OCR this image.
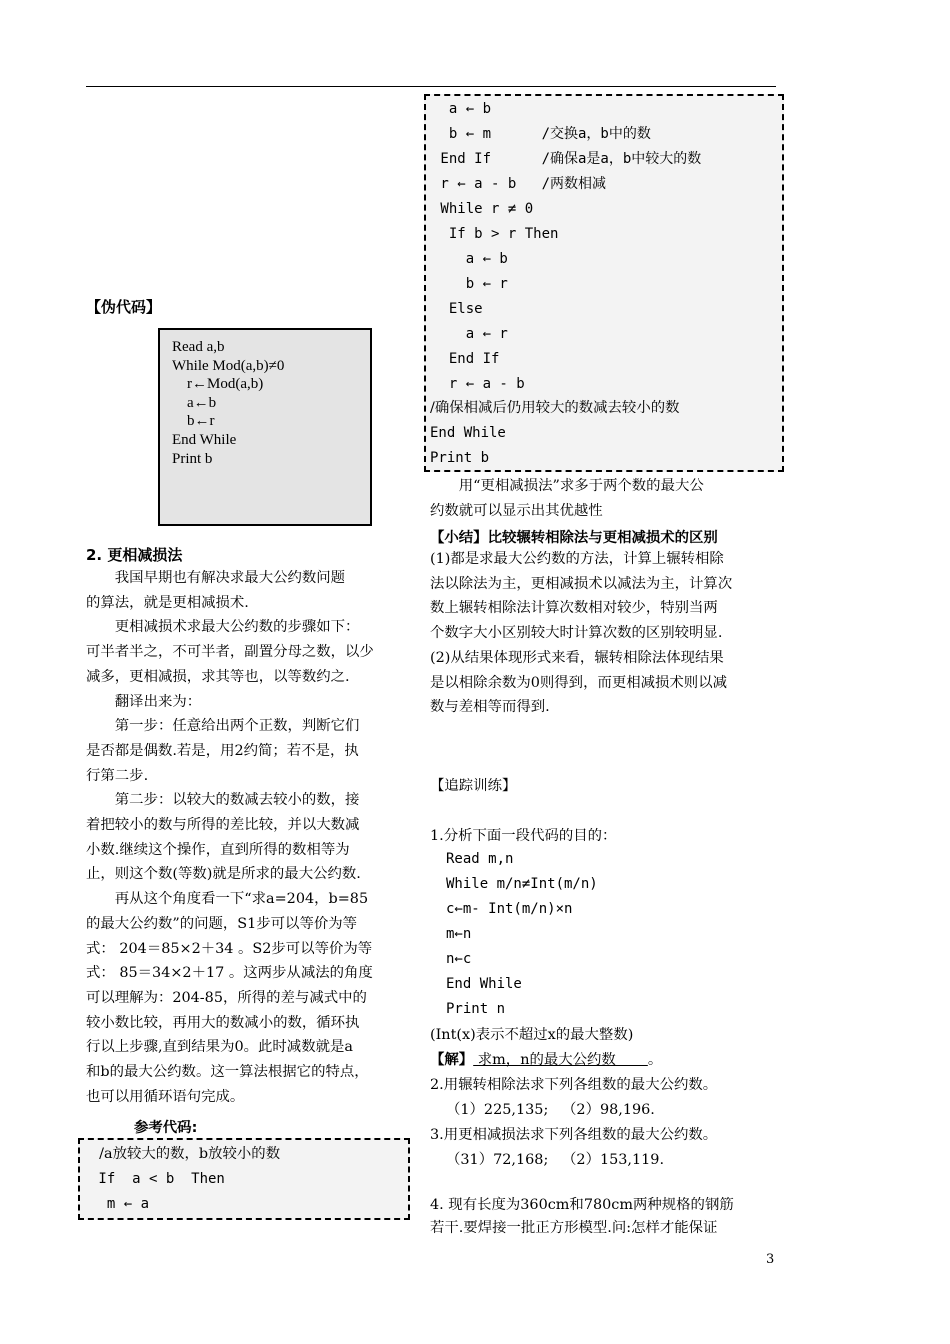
【伪代码】
Read a,b
While Mod(a,b)≠0
r←Mod(a,b)
a←b
b←r
End While
Print b
2. 更相减损法
　　我国早期也有解决求最大公约数问题
的算法，就是更相减损术.
　　更相减损术求最大公约数的步骤如下：
可半者半之，不可半者，副置分母之数，以少
减多，更相减损，求其等也，以等数约之.
　　翻译出来为：
　　第一步：任意给出两个正数，判断它们
是否都是偶数.若是，用2约简；若不是，执
行第二步.
　　第二步：以较大的数减去较小的数，接
着把较小的数与所得的差比较，并以大数减
小数.继续这个操作，直到所得的数相等为
止，则这个数(等数)就是所求的最大公约数.
　　再从这个角度看一下“求a=204，b=85
的最大公约数”的问题，S1步可以等价为等
式： 204＝85×2＋34 。S2步可以等价为等
式： 85＝34×2＋17 。这两步从减法的角度
可以理解为：204-85，所得的差与减式中的
较小数比较，再用大的数减小的数，循环执
行以上步骤,直到结果为0。此时减数就是a
和b的最大公约数。这一算法根据它的特点，
也可以用循环语句完成。
参考代码:
/a放较大的数，b放较小的数
If  a < b  Then
m ← a
a ← b
b ← m      /交换a，b中的数
End If      /确保a是a，b中较大的数
r ← a - b   /两数相减
While r ≠ 0
If b > r Then
a ← b
b ← r
Else
a ← r
End If
r ← a - b
/确保相减后仍用较大的数减去较小的数
End While
Print b
　　用“更相减损法”求多于两个数的最大公
约数就可以显示出其优越性
【小结】比较辗转相除法与更相减损术的区别
(1)都是求最大公约数的方法，计算上辗转相除
法以除法为主，更相减损术以减法为主，计算次
数上辗转相除法计算次数相对较少，特别当两
个数字大小区别较大时计算次数的区别较明显.
(2)从结果体现形式来看，辗转相除法体现结果
是以相除余数为0则得到，而更相减损术则以减
数与差相等而得到.
【追踪训练】
1.分析下面一段代码的目的：
Read m,n
While m/n≠Int(m/n)
c←m- Int(m/n)×n
m←n
n←c
End While
Print n
(Int(x)表示不超过x的最大整数)
【解】 求m，n的最大公约数       。
2.用辗转相除法求下列各组数的最大公约数。
（1）225,135;   （2）98,196.
3.用更相减损法求下列各组数的最大公约数。
（31）72,168;   （2）153,119.
4. 现有长度为360cm和780cm两种规格的钢筋
若干.要焊接一批正方形模型.问:怎样才能保证
3
